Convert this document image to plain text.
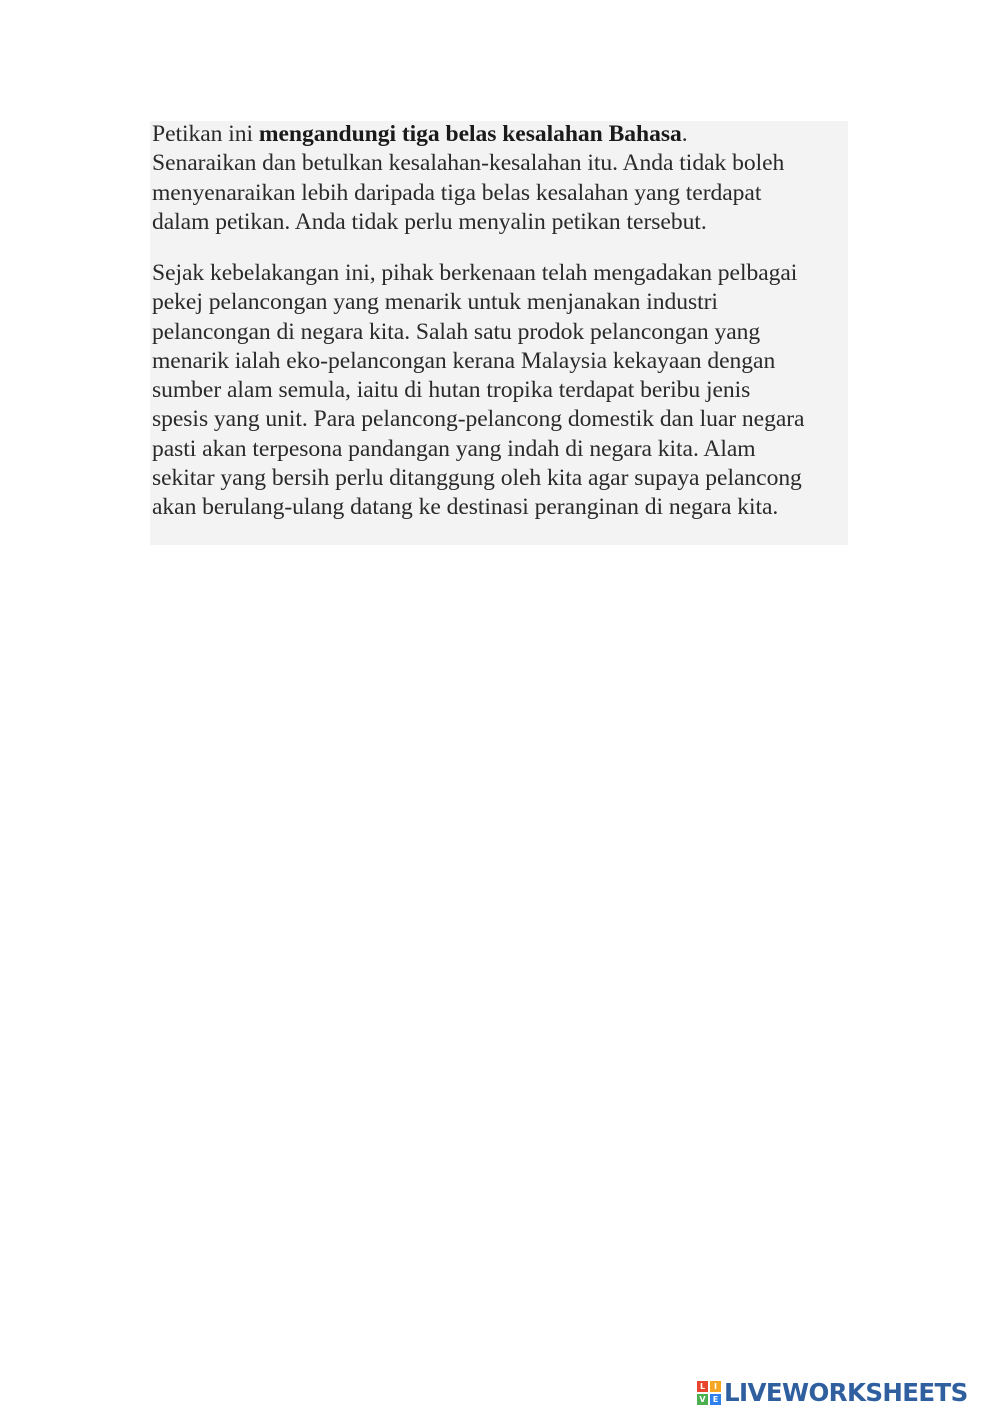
Petikan ini mengandungi tiga belas kesalahan Bahasa.
Senaraikan dan betulkan kesalahan-kesalahan itu. Anda tidak boleh
menyenaraikan lebih daripada tiga belas kesalahan yang terdapat
dalam petikan. Anda tidak perlu menyalin petikan tersebut.

Sejak kebelakangan ini, pihak berkenaan telah mengadakan pelbagai
pekej pelancongan yang menarik untuk menjanakan industri
pelancongan di negara kita. Salah satu prodok pelancongan yang
menarik ialah eko-pelancongan kerana Malaysia kekayaan dengan
sumber alam semula, iaitu di hutan tropika terdapat beribu jenis
spesis yang unit. Para pelancong-pelancong domestik dan luar negara
pasti akan terpesona pandangan yang indah di negara kita. Alam
sekitar yang bersih perlu ditanggung oleh kita agar supaya pelancong
akan berulang-ulang datang ke destinasi peranginan di negara kita.

L	I
V E LIVEWORKSHEETS
